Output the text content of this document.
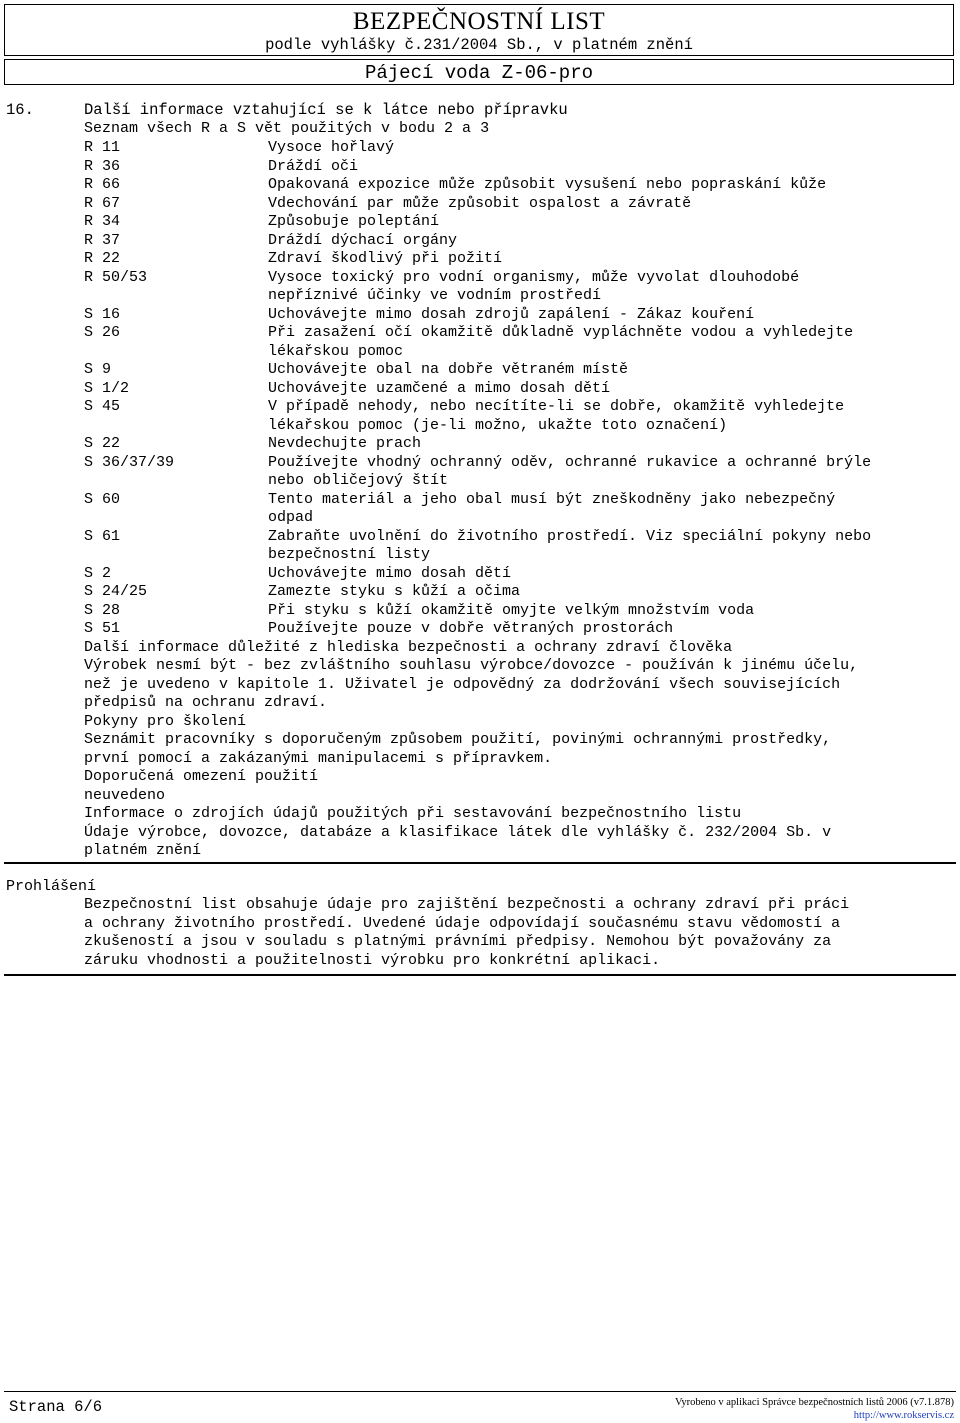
BEZPEČNOSTNÍ LIST
podle vyhlášky č.231/2004 Sb., v platném znění
Pájecí voda Z-06-pro
16.	Další informace vztahující se k látce nebo přípravku
Seznam všech R a S vět použitých v bodu 2 a 3
R 11	Vysoce hořlavý
R 36	Dráždí oči
R 66	Opakovaná expozice může způsobit vysušení nebo popraskání kůže
R 67	Vdechování par může způsobit ospalost a závratě
R 34	Způsobuje poleptání
R 37	Dráždí dýchací orgány
R 22	Zdraví škodlivý při požití
R 50/53	Vysoce toxický pro vodní organismy, může vyvolat dlouhodobé
nepříznivé účinky ve vodním prostředí
S 16	Uchovávejte mimo dosah zdrojů zapálení - Zákaz kouření
S 26	Při zasažení očí okamžitě důkladně vypláchněte vodou a vyhledejte
lékařskou pomoc
S 9	Uchovávejte obal na dobře větraném místě
S 1/2	Uchovávejte uzamčené a mimo dosah dětí
S 45	V případě nehody, nebo necítíte-li se dobře, okamžitě vyhledejte
lékařskou pomoc (je-li možno, ukažte toto označení)
S 22	Nevdechujte prach
S 36/37/39	Používejte vhodný ochranný oděv, ochranné rukavice a ochranné brýle
nebo obličejový štít
S 60	Tento materiál a jeho obal musí být zneškodněny jako nebezpečný
odpad
S 61	Zabraňte uvolnění do životního prostředí. Viz speciální pokyny nebo
bezpečnostní listy
S 2	Uchovávejte mimo dosah dětí
S 24/25	Zamezte styku s kůží a očima
S 28	Při styku s kůží okamžitě omyjte velkým množstvím voda
S 51	Používejte pouze v dobře větraných prostorách
Další informace důležité z hlediska bezpečnosti a ochrany zdraví člověka
Výrobek nesmí být - bez zvláštního souhlasu výrobce/dovozce - používán k jinému účelu,
než je uvedeno v kapitole 1. Uživatel je odpovědný za dodržování všech souvisejících
předpisů na ochranu zdraví.
Pokyny pro školení
Seznámit pracovníky s doporučeným způsobem použití, povinými ochrannými prostředky,
první pomocí a zakázanými manipulacemi s přípravkem.
Doporučená omezení použití
neuvedeno
Informace o zdrojích údajů použitých při sestavování bezpečnostního listu
Údaje výrobce, dovozce, databáze a klasifikace látek dle vyhlášky č. 232/2004 Sb. v
platném znění
Prohlášení
Bezpečnostní list obsahuje údaje pro zajištění bezpečnosti a ochrany zdraví při práci
a ochrany životního prostředí. Uvedené údaje odpovídají současnému stavu vědomostí a
zkušeností a jsou v souladu s platnými právními předpisy. Nemohou být považovány za
záruku vhodnosti a použitelnosti výrobku pro konkrétní aplikaci.
Strana 6/6	Vyrobeno v aplikaci Správce bezpečnostních listů 2006 (v7.1.878)
http://www.rokservis.cz
